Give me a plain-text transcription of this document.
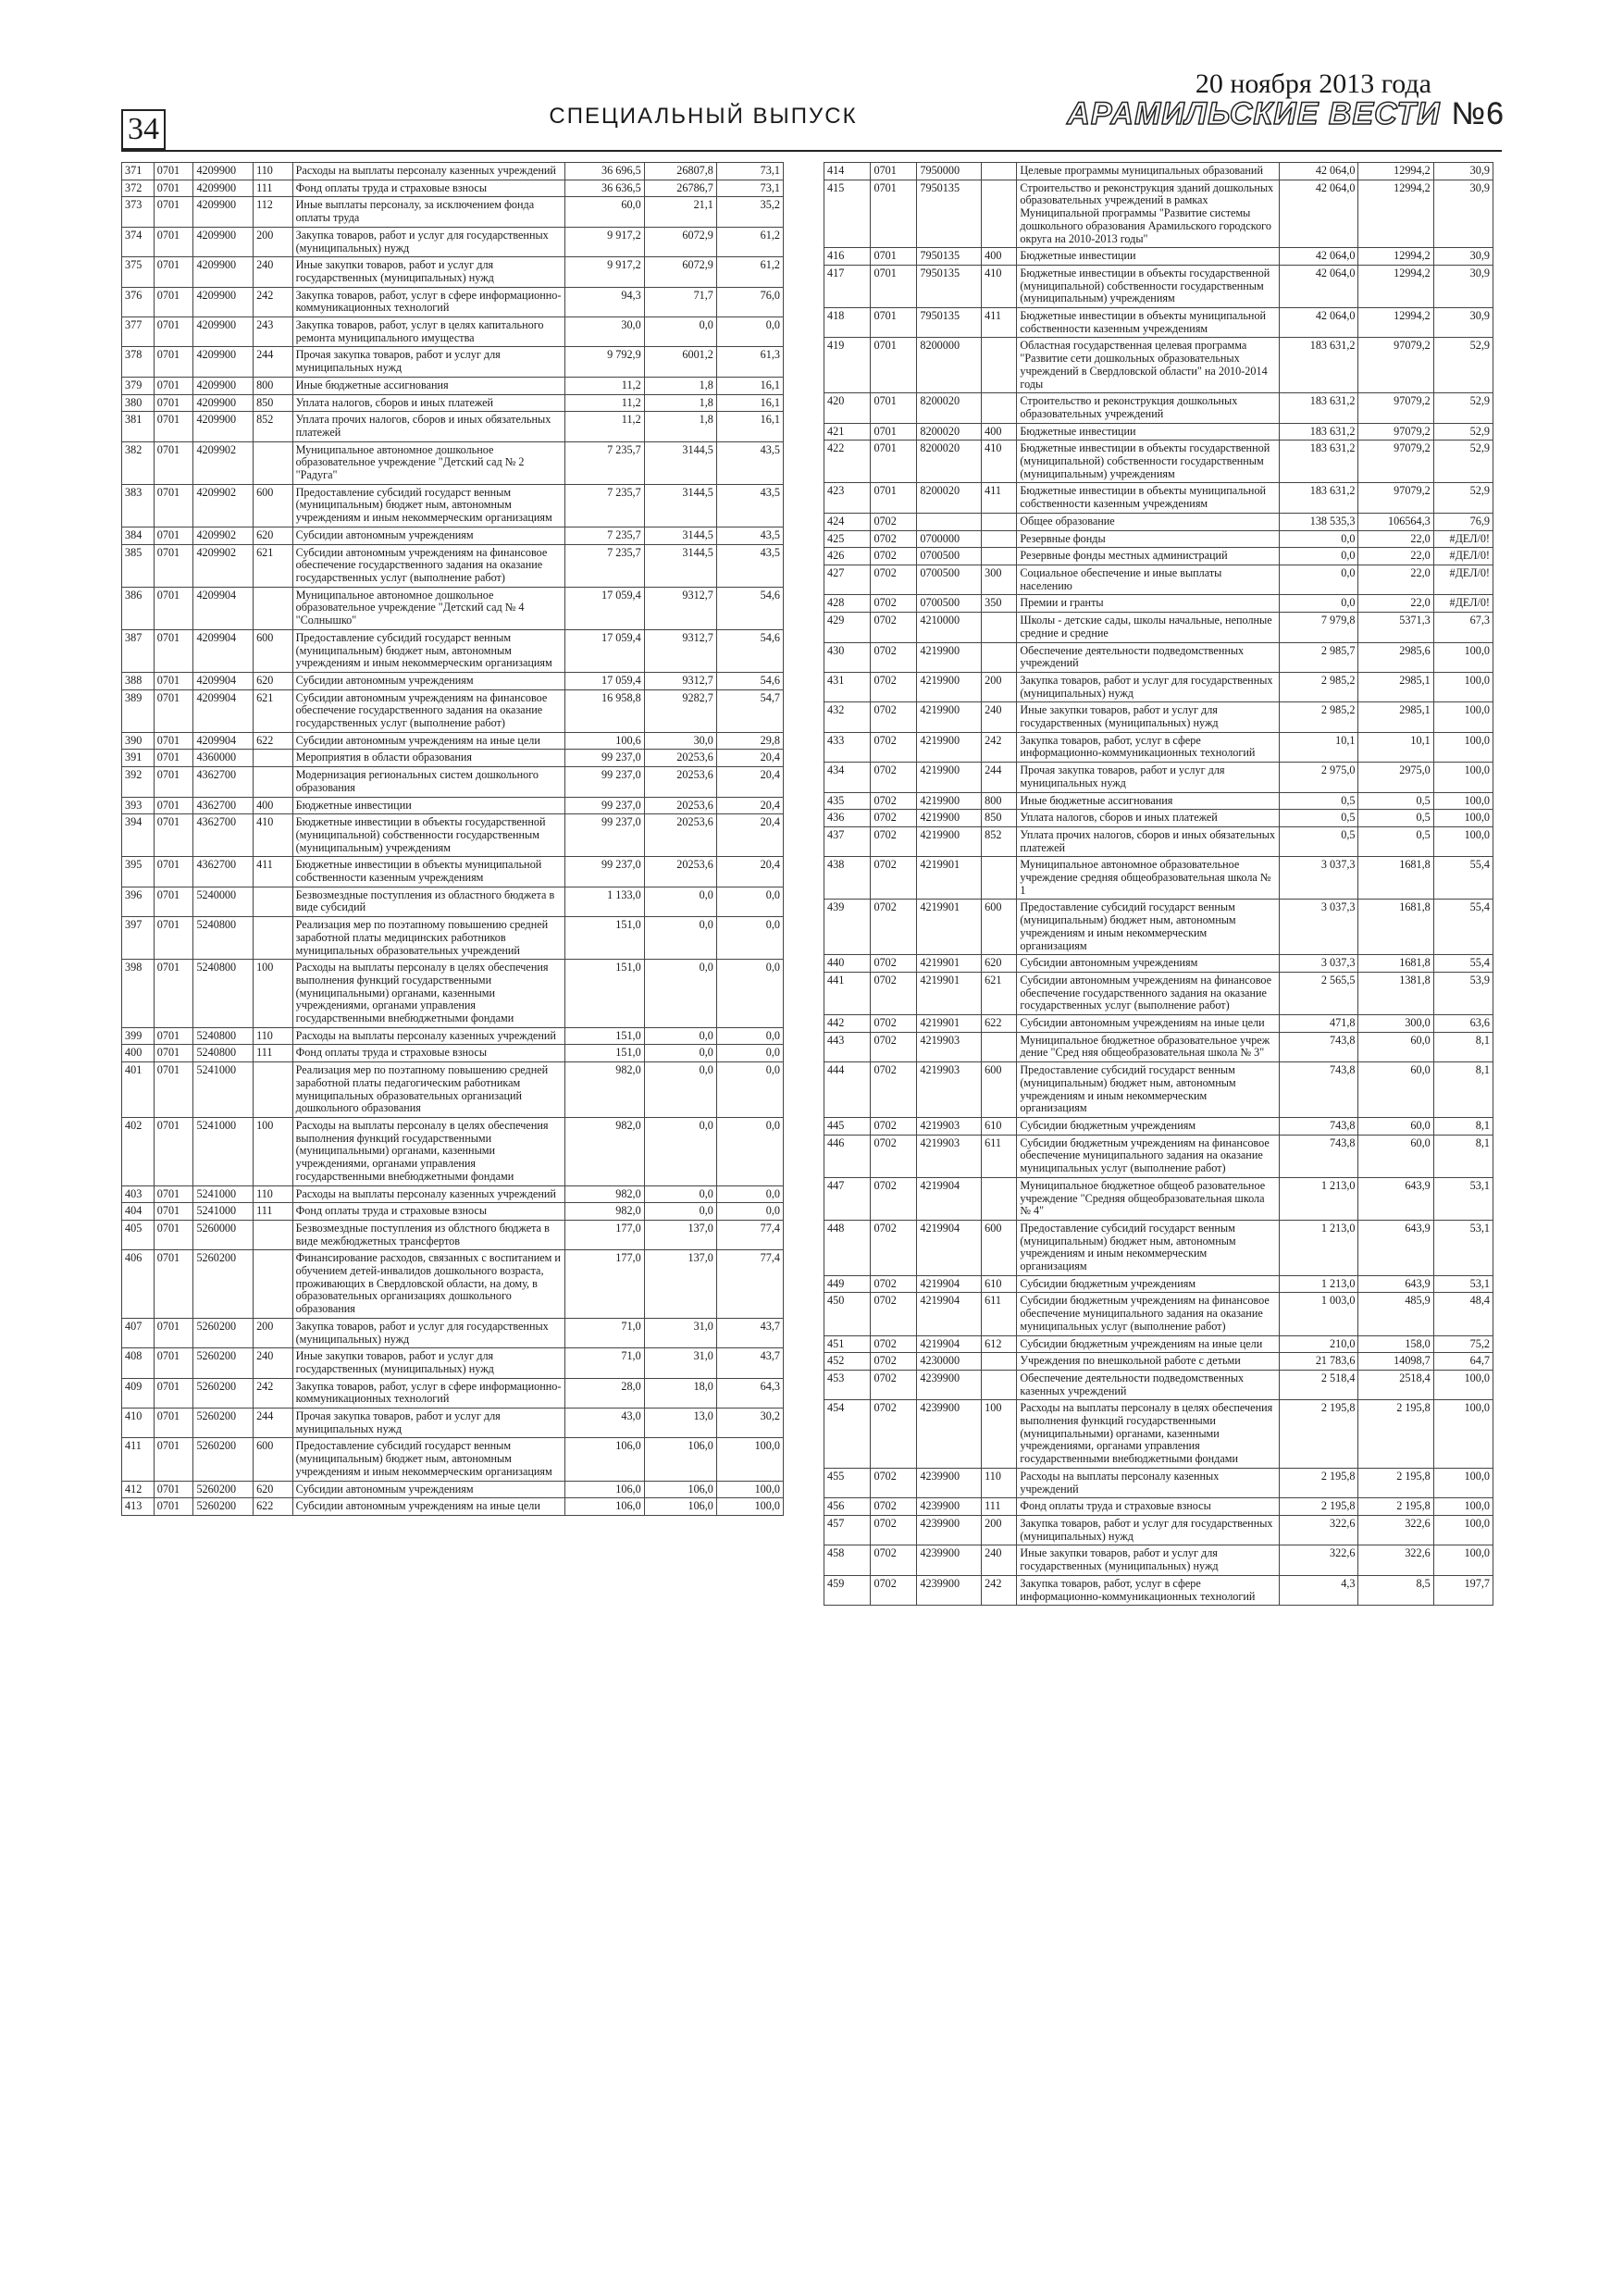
34	СПЕЦИАЛЬНЫЙ ВЫПУСК
20 ноября 2013 года
АРАМИЛЬСКИЕ ВЕСТИ №6
371	0701	4209900	110	Расходы на выплаты персоналу казенных учреждений	36 696,5	26807,8	73,1
372	0701	4209900	111	Фонд оплаты труда и страховые взносы	36 636,5	26786,7	73,1
373	0701	4209900	112	Иные выплаты персоналу, за исключением фонда оплаты труда	60,0	21,1	35,2
374	0701	4209900	200	Закупка товаров, работ и услуг для государственных (муниципальных) нужд	9 917,2	6072,9	61,2
375	0701	4209900	240	Иные закупки товаров, работ и услуг для государственных (муниципальных) нужд	9 917,2	6072,9	61,2
376	0701	4209900	242	Закупка товаров, работ, услуг в сфере информационно-коммуникационных технологий	94,3	71,7	76,0
377	0701	4209900	243	Закупка товаров, работ, услуг в целях капитального ремонта муниципального имущества	30,0	0,0	0,0
378	0701	4209900	244	Прочая закупка товаров, работ и услуг для муниципальных нужд	9 792,9	6001,2	61,3
379	0701	4209900	800	Иные бюджетные ассигнования	11,2	1,8	16,1
380	0701	4209900	850	Уплата налогов, сборов и иных платежей	11,2	1,8	16,1
381	0701	4209900	852	Уплата прочих налогов, сборов и иных обязательных платежей	11,2	1,8	16,1
382	0701	4209902		Муниципальное автономное дошкольное образовательное учреждение "Детский сад № 2 "Радуга"	7 235,7	3144,5	43,5
383	0701	4209902	600	Предоставление субсидий государст венным (муниципальным) бюджет ным, автономным учреждениям и иным некоммерческим организациям	7 235,7	3144,5	43,5
384	0701	4209902	620	Субсидии автономным учреждениям	7 235,7	3144,5	43,5
385	0701	4209902	621	Субсидии автономным учреждениям на финансовое обеспечение государственного задания на оказание государственных услуг (выполнение работ)	7 235,7	3144,5	43,5
386	0701	4209904		Муниципальное автономное дошкольное образовательное учреждение "Детский сад № 4 "Солнышко"	17 059,4	9312,7	54,6
387	0701	4209904	600	Предоставление субсидий государст венным (муниципальным) бюджет ным, автономным учреждениям и иным некоммерческим организациям	17 059,4	9312,7	54,6
388	0701	4209904	620	Субсидии автономным учреждениям	17 059,4	9312,7	54,6
389	0701	4209904	621	Субсидии автономным учреждениям на финансовое обеспечение государственного задания на оказание государственных услуг (выполнение работ)	16 958,8	9282,7	54,7
390	0701	4209904	622	Субсидии автономным учреждениям на иные цели	100,6	30,0	29,8
391	0701	4360000		Мероприятия в области образования	99 237,0	20253,6	20,4
392	0701	4362700		Модернизация региональных систем дошкольного образования	99 237,0	20253,6	20,4
393	0701	4362700	400	Бюджетные инвестиции	99 237,0	20253,6	20,4
394	0701	4362700	410	Бюджетные инвестиции в объекты государственной (муниципальной) собственности государственным (муниципальным) учреждениям	99 237,0	20253,6	20,4
395	0701	4362700	411	Бюджетные инвестиции в объекты муниципальной собственности казенным учреждениям	99 237,0	20253,6	20,4
396	0701	5240000		Безвозмездные поступления из областного бюджета в виде субсидий	1 133,0	0,0	0,0
397	0701	5240800		Реализация мер по поэтапному повышению средней заработной платы медицинских работников муниципальных образовательных учреждений	151,0	0,0	0,0
398	0701	5240800	100	Расходы на выплаты персоналу в целях обеспечения выполнения функций государственными (муниципальными) органами, казенными учреждениями, органами управления государственными внебюджетными фондами	151,0	0,0	0,0
399	0701	5240800	110	Расходы на выплаты персоналу казенных учреждений	151,0	0,0	0,0
400	0701	5240800	111	Фонд оплаты труда и страховые взносы	151,0	0,0	0,0
401	0701	5241000		Реализация мер по поэтапному повышению средней заработной платы педагогическим работникам муниципальных образовательных организаций дошкольного образования	982,0	0,0	0,0
402	0701	5241000	100	Расходы на выплаты персоналу в целях обеспечения выполнения функций государственными (муниципальными) органами, казенными учреждениями, органами управления государственными внебюджетными фондами	982,0	0,0	0,0
403	0701	5241000	110	Расходы на выплаты персоналу казенных учреждений	982,0	0,0	0,0
404	0701	5241000	111	Фонд оплаты труда и страховые взносы	982,0	0,0	0,0
405	0701	5260000		Безвозмездные поступления из облстного бюджета в виде межбюджетных трансфертов	177,0	137,0	77,4
406	0701	5260200		Финансирование расходов, связанных с воспитанием и обучением детей-инвалидов дошкольного возраста, проживающих в Свердловской области, на дому, в образовательных организациях дошкольного образования	177,0	137,0	77,4
407	0701	5260200	200	Закупка товаров, работ и услуг для государственных (муниципальных) нужд	71,0	31,0	43,7
408	0701	5260200	240	Иные закупки товаров, работ и услуг для государственных (муниципальных) нужд	71,0	31,0	43,7
409	0701	5260200	242	Закупка товаров, работ, услуг в сфере информационно-коммуникационных технологий	28,0	18,0	64,3
410	0701	5260200	244	Прочая закупка товаров, работ и услуг для муниципальных нужд	43,0	13,0	30,2
411	0701	5260200	600	Предоставление субсидий государст венным (муниципальным) бюджет ным, автономным учреждениям и иным некоммерческим организациям	106,0	106,0	100,0
412	0701	5260200	620	Субсидии автономным учреждениям	106,0	106,0	100,0
413	0701	5260200	622	Субсидии автономным учреждениям на иные цели	106,0	106,0	100,0
414	0701	7950000		Целевые программы муниципальных образований	42 064,0	12994,2	30,9
415	0701	7950135		Строительство и реконструкция зданий дошкольных образовательных учреждений в рамках Муниципальной программы "Развитие системы дошкольного образования Арамильского городского округа на 2010-2013 годы"	42 064,0	12994,2	30,9
416	0701	7950135	400	Бюджетные инвестиции	42 064,0	12994,2	30,9
417	0701	7950135	410	Бюджетные инвестиции в объекты государственной (муниципальной) собственности государственным (муниципальным) учреждениям	42 064,0	12994,2	30,9
418	0701	7950135	411	Бюджетные инвестиции в объекты муниципальной собственности казенным учреждениям	42 064,0	12994,2	30,9
419	0701	8200000		Областная государственная целевая программа "Развитие сети дошкольных образовательных учреждений в Свердловской области" на 2010-2014 годы	183 631,2	97079,2	52,9
420	0701	8200020		Строительство и реконструкция дошкольных образовательных учреждений	183 631,2	97079,2	52,9
421	0701	8200020	400	Бюджетные инвестиции	183 631,2	97079,2	52,9
422	0701	8200020	410	Бюджетные инвестиции в объекты государственной (муниципальной) собственности государственным (муниципальным) учреждениям	183 631,2	97079,2	52,9
423	0701	8200020	411	Бюджетные инвестиции в объекты муниципальной собственности казенным учреждениям	183 631,2	97079,2	52,9
424	0702			Общее образование	138 535,3	106564,3	76,9
425	0702	0700000		Резервные фонды	0,0	22,0	#ДЕЛ/0!
426	0702	0700500		Резервные фонды местных администраций	0,0	22,0	#ДЕЛ/0!
427	0702	0700500	300	Социальное обеспечение и иные выплаты населению	0,0	22,0	#ДЕЛ/0!
428	0702	0700500	350	Премии и гранты	0,0	22,0	#ДЕЛ/0!
429	0702	4210000		Школы - детские сады, школы начальные, неполные средние и средние	7 979,8	5371,3	67,3
430	0702	4219900		Обеспечение деятельности подведомственных учреждений	2 985,7	2985,6	100,0
431	0702	4219900	200	Закупка товаров, работ и услуг для государственных (муниципальных) нужд	2 985,2	2985,1	100,0
432	0702	4219900	240	Иные закупки товаров, работ и услуг для государственных (муниципальных) нужд	2 985,2	2985,1	100,0
433	0702	4219900	242	Закупка товаров, работ, услуг в сфере информационно-коммуникационных технологий	10,1	10,1	100,0
434	0702	4219900	244	Прочая закупка товаров, работ и услуг для муниципальных нужд	2 975,0	2975,0	100,0
435	0702	4219900	800	Иные бюджетные ассигнования	0,5	0,5	100,0
436	0702	4219900	850	Уплата налогов, сборов и иных платежей	0,5	0,5	100,0
437	0702	4219900	852	Уплата прочих налогов, сборов и иных обязательных платежей	0,5	0,5	100,0
438	0702	4219901		Муниципальное автономное образовательное учреждение средняя общеобразовательная школа № 1	3 037,3	1681,8	55,4
439	0702	4219901	600	Предоставление субсидий государст венным (муниципальным) бюджет ным, автономным учреждениям и иным некоммерческим организациям	3 037,3	1681,8	55,4
440	0702	4219901	620	Субсидии автономным учреждениям	3 037,3	1681,8	55,4
441	0702	4219901	621	Субсидии автономным учреждениям на финансовое обеспечение государственного задания на оказание государственных услуг (выполнение работ)	2 565,5	1381,8	53,9
442	0702	4219901	622	Субсидии автономным учреждениям на иные цели	471,8	300,0	63,6
443	0702	4219903		Муниципальное бюджетное образовательное учреж дение "Сред няя общеобразовательная школа № 3"	743,8	60,0	8,1
444	0702	4219903	600	Предоставление субсидий государст венным (муниципальным) бюджет ным, автономным учреждениям и иным некоммерческим организациям	743,8	60,0	8,1
445	0702	4219903	610	Субсидии бюджетным учреждениям	743,8	60,0	8,1
446	0702	4219903	611	Субсидии бюджетным учреждениям на финансовое обеспечение муниципального задания на оказание муниципальных услуг (выполнение работ)	743,8	60,0	8,1
447	0702	4219904		Муниципальное бюджетное общеоб разовательное учреждение "Средняя общеобразовательная школа № 4"	1 213,0	643,9	53,1
448	0702	4219904	600	Предоставление субсидий государст венным (муниципальным) бюджет ным, автономным учреждениям и иным некоммерческим организациям	1 213,0	643,9	53,1
449	0702	4219904	610	Субсидии бюджетным учреждениям	1 213,0	643,9	53,1
450	0702	4219904	611	Субсидии бюджетным учреждениям на финансовое обеспечение муниципального задания на оказание муниципальных услуг (выполнение работ)	1 003,0	485,9	48,4
451	0702	4219904	612	Субсидии бюджетным учреждениям на иные цели	210,0	158,0	75,2
452	0702	4230000		Учреждения по внешкольной работе с детьми	21 783,6	14098,7	64,7
453	0702	4239900		Обеспечение деятельности подведомственных казенных учреждений	2 518,4	2518,4	100,0
454	0702	4239900	100	Расходы на выплаты персоналу в целях обеспечения выполнения функций государственными (муниципальными) органами, казенными учреждениями, органами управления государственными внебюджетными фондами	2 195,8	2 195,8	100,0
455	0702	4239900	110	Расходы на выплаты персоналу казенных учреждений	2 195,8	2 195,8	100,0
456	0702	4239900	111	Фонд оплаты труда и страховые взносы	2 195,8	2 195,8	100,0
457	0702	4239900	200	Закупка товаров, работ и услуг для государственных (муниципальных) нужд	322,6	322,6	100,0
458	0702	4239900	240	Иные закупки товаров, работ и услуг для государственных (муниципальных) нужд	322,6	322,6	100,0
459	0702	4239900	242	Закупка товаров, работ, услуг в сфере информационно-коммуникационных технологий	4,3	8,5	197,7
